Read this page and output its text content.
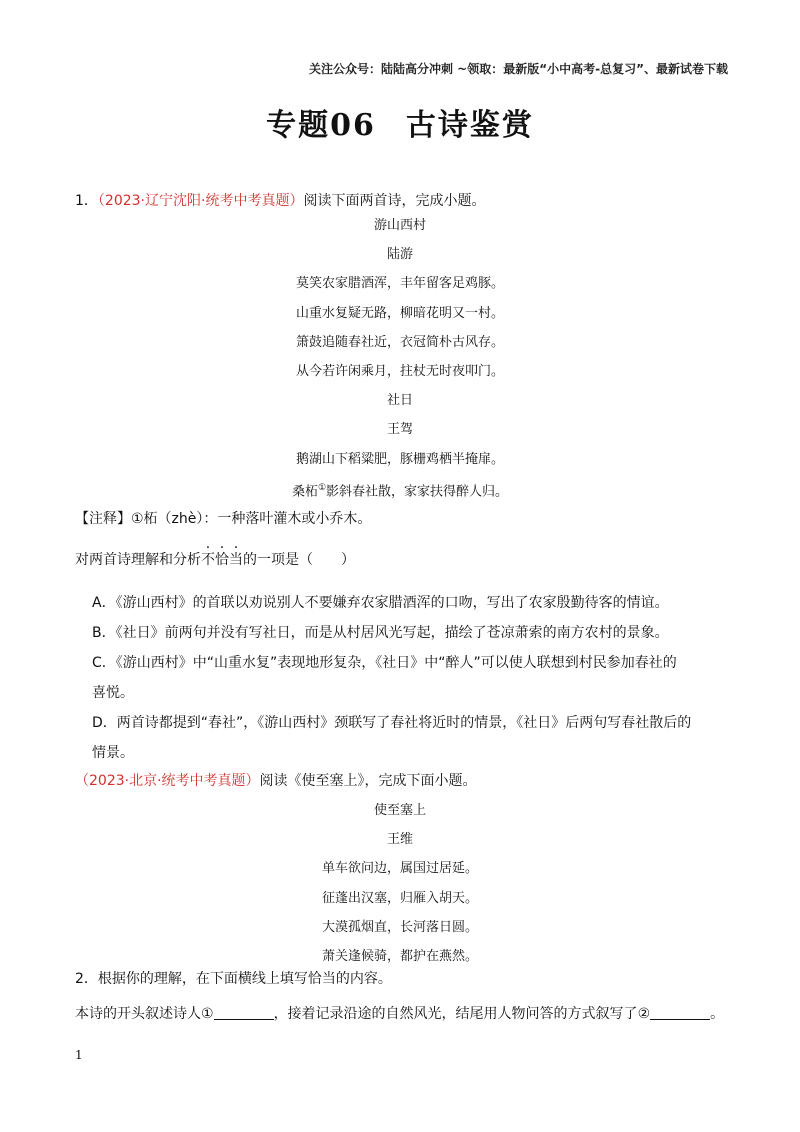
关注公众号：陆陆高分冲刺 ~领取：最新版“小中高考-总复习”、最新试卷下载
专题06 古诗鉴赏
1．（2023·辽宁沈阳·统考中考真题）阅读下面两首诗，完成小题。
游山西村
陆游
莫笑农家腊酒浑，丰年留客足鸡豚。
山重水复疑无路，柳暗花明又一村。
箫鼓追随春社近，衣冠简朴古风存。
从今若许闲乘月，拄杖无时夜叩门。
社日
王驾
鹅湖山下稻粱肥，豚栅鸡栖半掩扉。
桑柘①影斜春社散，家家扶得醉人归。
【注释】①柘（zhè）：一种落叶灌木或小乔木。
对两首诗理解和分析不恰当的一项是（　　）
A．《游山西村》的首联以劝说别人不要嫌弃农家腊酒浑的口吻，写出了农家殷勤待客的情谊。
B．《社日》前两句并没有写社日，而是从村居风光写起，描绘了苍凉萧索的南方农村的景象。
C．《游山西村》中“山重水复”表现地形复杂，《社日》中“醉人”可以使人联想到村民参加春社的
喜悦。
D．两首诗都提到“春社”，《游山西村》颈联写了春社将近时的情景，《社日》后两句写春社散后的
情景。
（2023·北京·统考中考真题）阅读《使至塞上》，完成下面小题。
使至塞上
王维
单车欲问边，属国过居延。
征蓬出汉塞，归雁入胡天。
大漠孤烟直，长河落日圆。
萧关逢候骑，都护在燕然。
2．根据你的理解，在下面横线上填写恰当的内容。
本诗的开头叙述诗人①	，接着记录沿途的自然风光，结尾用人物问答的方式叙写了②	。
1
